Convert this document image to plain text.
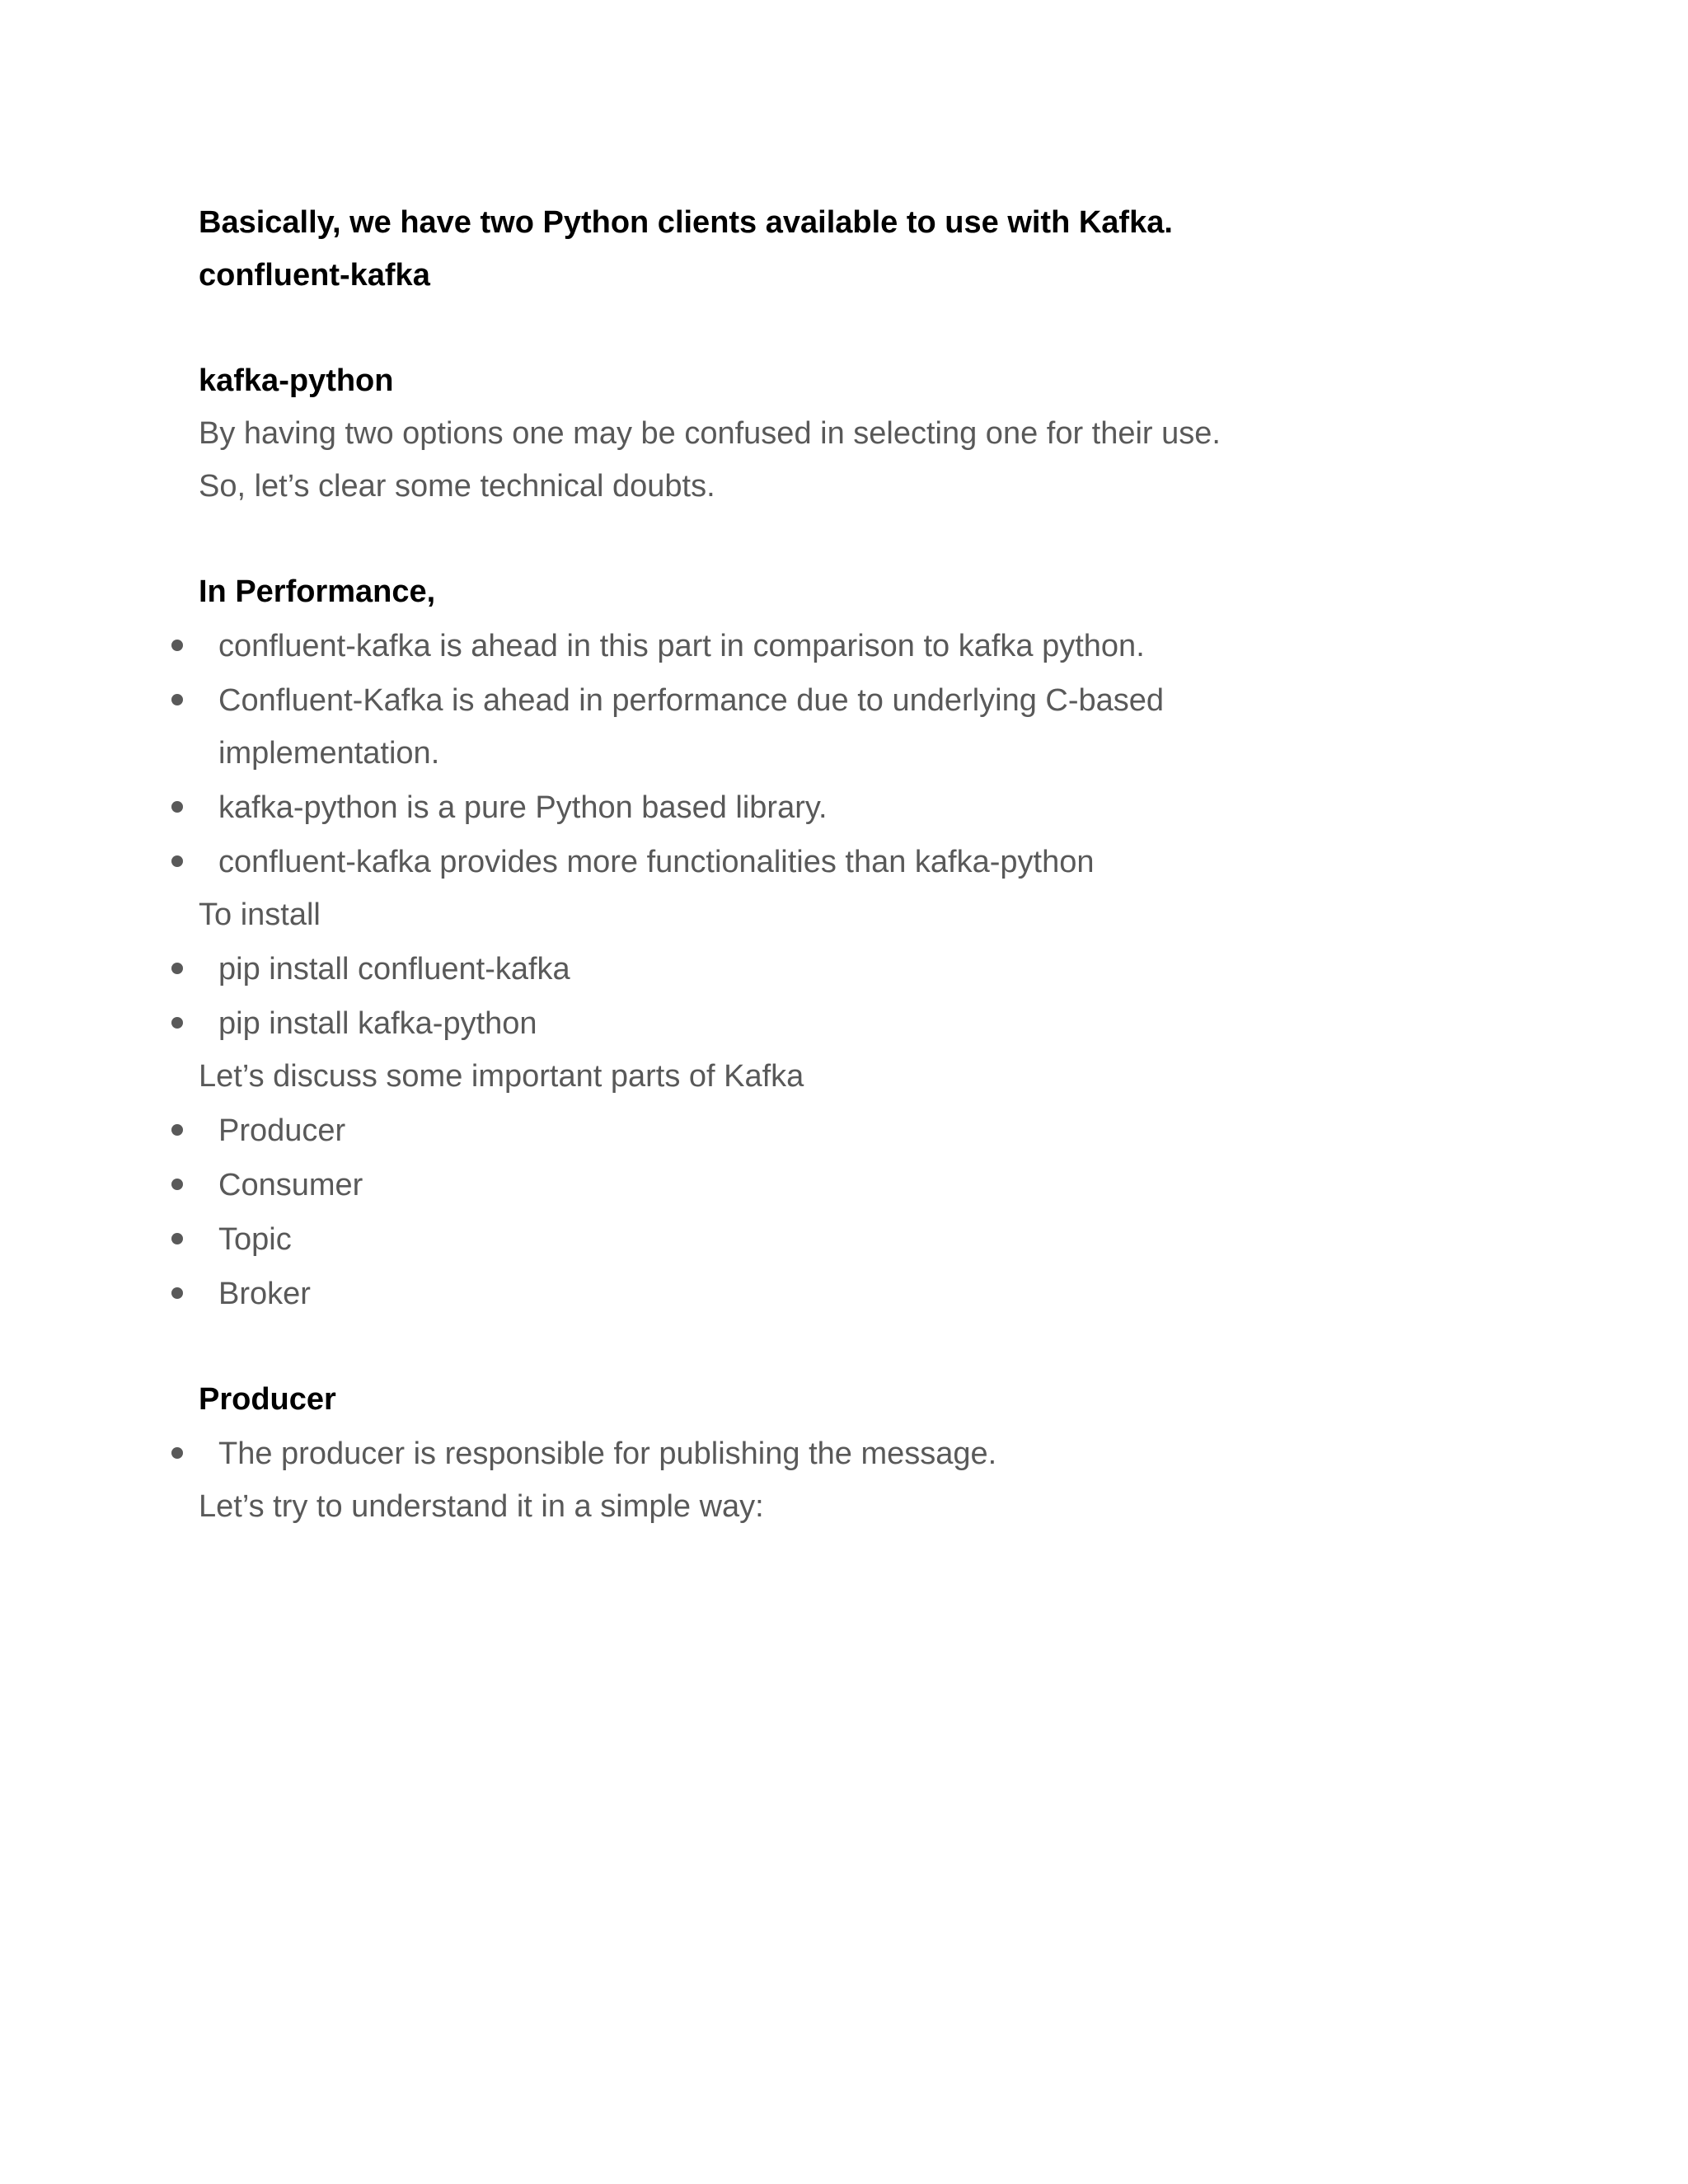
Basically, we have two Python clients available to use with Kafka.
confluent-kafka
kafka-python
By having two options one may be confused in selecting one for their use.
So, let’s clear some technical doubts.
In Performance,
confluent-kafka is ahead in this part in comparison to kafka python.
Confluent-Kafka is ahead in performance due to underlying C-based implementation.
kafka-python is a pure Python based library.
confluent-kafka provides more functionalities than kafka-python
To install
pip install confluent-kafka
pip install kafka-python
Let’s discuss some important parts of Kafka
Producer
Consumer
Topic
Broker
Producer
The producer is responsible for publishing the message.
Let’s try to understand it in a simple way:
